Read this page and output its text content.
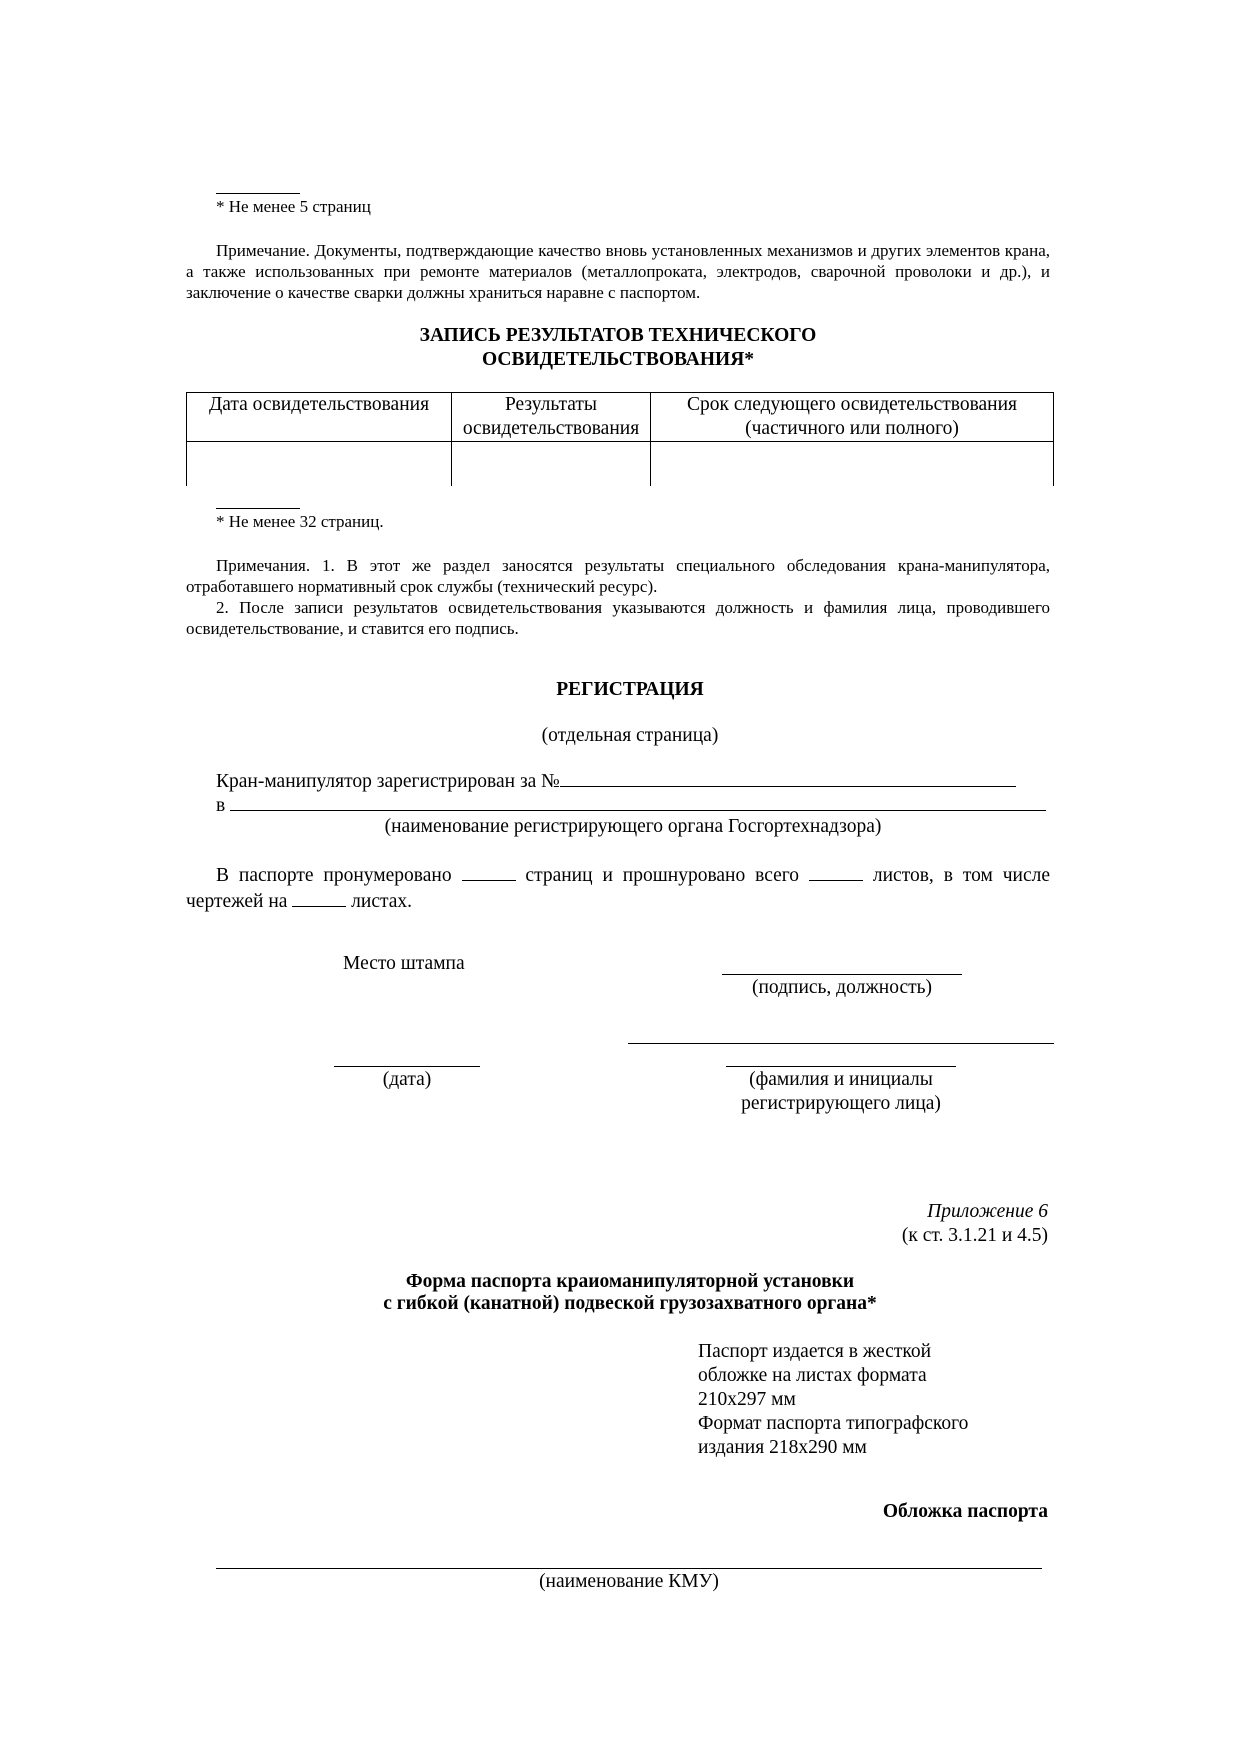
* Не менее 5 страниц

Примечание. Документы, подтверждающие качество вновь установленных механизмов и других элементов крана, а также использованных при ремонте материалов (металлопроката, электродов, сварочной проволоки и др.), и заключение о качестве сварки должны храниться наравне с паспортом.

ЗАПИСЬ РЕЗУЛЬТАТОВ ТЕХНИЧЕСКОГО
ОСВИДЕТЕЛЬСТВОВАНИЯ*
Дата освидетельствования	Результаты освидетельствования	Срок следующего освидетельствования (частичного или полного)

* Не менее 32 страниц.

Примечания. 1. В этот же раздел заносятся результаты специального обследования крана-манипулятора, отработавшего нормативный срок службы (технический ресурс).

2. После записи результатов освидетельствования указываются должность и фамилия лица, проводившего освидетельствование, и ставится его подпись.

РЕГИСТРАЦИЯ
(отдельная страница)
Кран-манипулятор зарегистрирован за №
в
(наименование регистрирующего органа Госгортехнадзора)

В паспорте пронумеровано	страниц и прошнуровано всего	листов, в том числе чертежей на	листах.

Место штампа
(подпись, должность)
(дата)	(фамилия и инициалы
регистрирующего лица)
Приложение 6
(к ст. 3.1.21 и 4.5)
Форма паспорта краиоманипуляторной установки
с гибкой (канатной) подвеской грузозахватного органа*
Паспорт издается в жесткой
обложке на листах формата
210х297 мм
Формат паспорта типографского
издания 218х290 мм
Обложка паспорта
(наименование КМУ)
